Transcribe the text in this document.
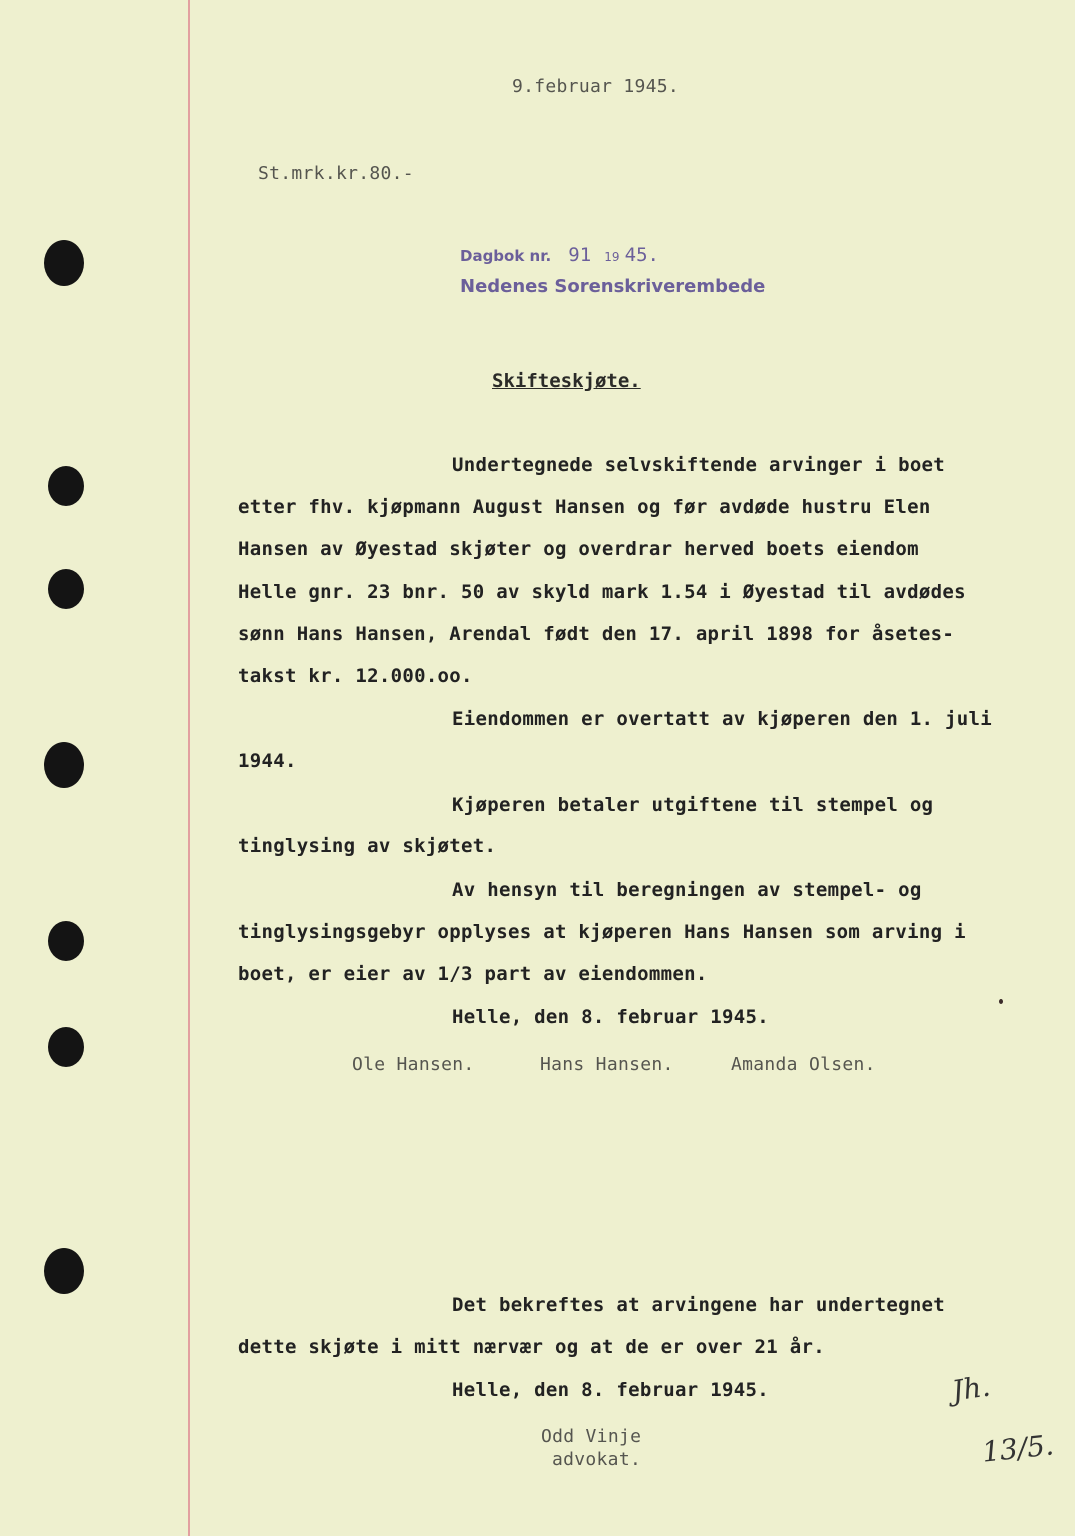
9.februar 1945.
St.mrk.kr.80.-
Dagbok nr. 91 19 45.
Nedenes Sorenskriverembede
Skifteskjøte.
Undertegnede selvskiftende arvinger i boet
etter fhv. kjøpmann August Hansen og før avdøde hustru Elen
Hansen av Øyestad skjøter og overdrar herved boets eiendom
Helle gnr. 23 bnr. 50 av skyld mark 1.54 i Øyestad til avdødes
sønn Hans Hansen, Arendal født den 17. april 1898 for åsetes-
takst kr. 12.000.oo.
Eiendommen er overtatt av kjøperen den 1. juli
1944.
Kjøperen betaler utgiftene til stempel og
tinglysing av skjøtet.
Av hensyn til beregningen av stempel- og
tinglysingsgebyr opplyses at kjøperen Hans Hansen som arving i
boet, er eier av 1/3 part av eiendommen.
Helle, den 8. februar 1945.
Ole Hansen.	Hans Hansen.	Amanda Olsen.
Det bekreftes at arvingene har undertegnet
dette skjøte i mitt nærvær og at de er over 21 år.
Helle, den 8. februar 1945.
Odd Vinje
advokat.
Jh.
13/5.
